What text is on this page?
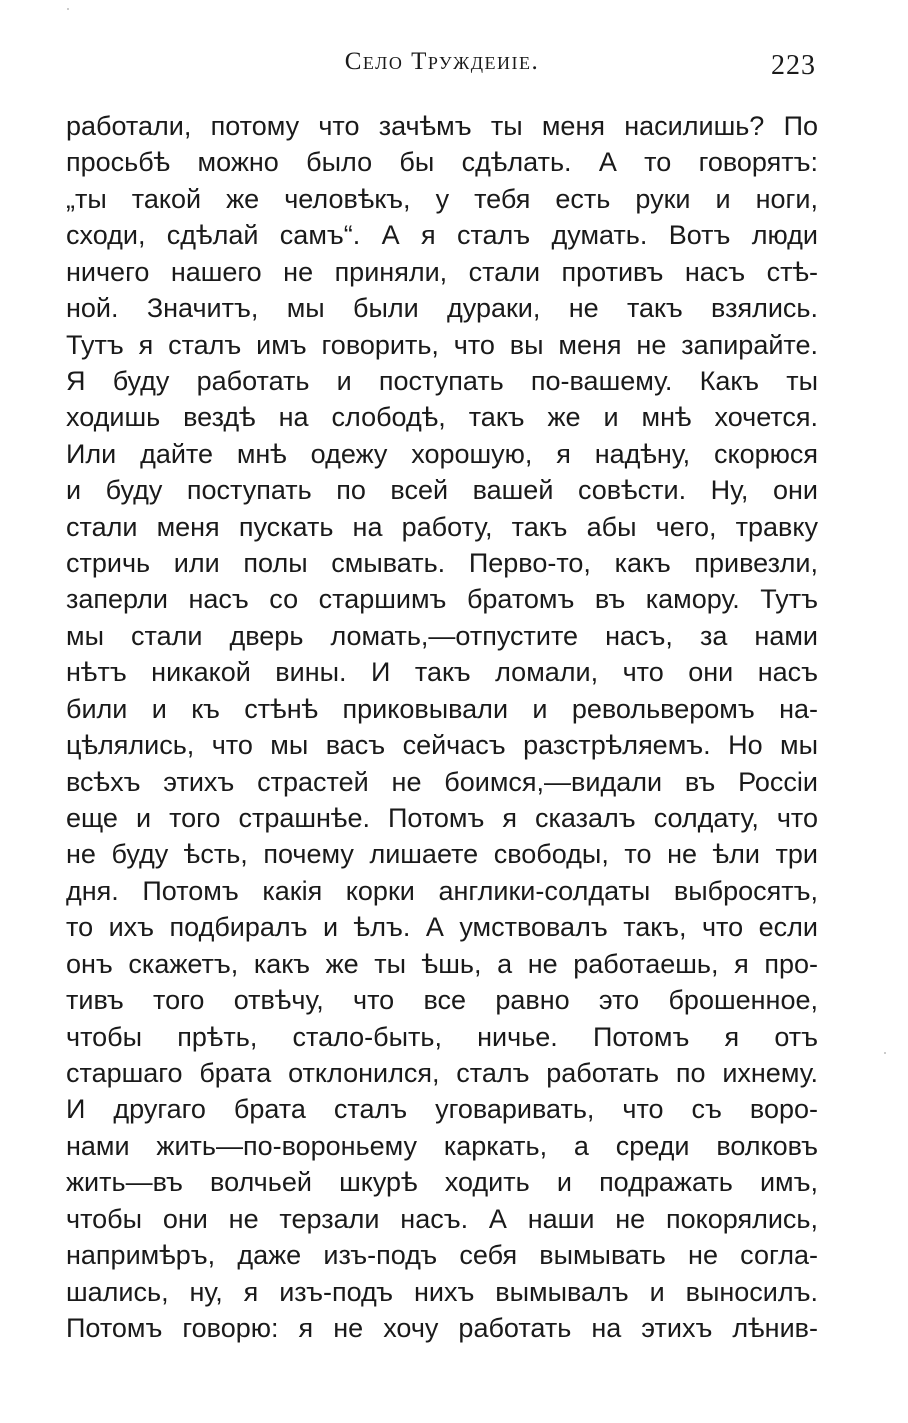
Село Труждеиіе.	223
работали, потому что зачѣмъ ты меня насилишь? По
просьбѣ можно было бы сдѣлать. А то говорятъ:
„ты такой же человѣкъ, у тебя есть руки и ноги,
сходи, сдѣлай самъ“. А я сталъ думать. Вотъ люди
ничего нашего не приняли, стали противъ насъ стѣ-
ной. Значитъ, мы были дураки, не такъ взялись.
Тутъ я сталъ имъ говорить, что вы меня не запирайте.
Я буду работать и поступать по-вашему. Какъ ты
ходишь вездѣ на слободѣ, такъ же и мнѣ хочется.
Или дайте мнѣ одежу хорошую, я надѣну, скорюся
и буду поступать по всей вашей совѣсти. Ну, они
стали меня пускать на работу, такъ абы чего, травку
стричь или полы смывать. Перво-то, какъ привезли,
заперли насъ со старшимъ братомъ въ камору. Тутъ
мы стали дверь ломать,—отпустите насъ, за нами
нѣтъ никакой вины. И такъ ломали, что они насъ
били и къ стѣнѣ приковывали и револьверомъ на-
цѣлялись, что мы васъ сейчасъ разстрѣляемъ. Но мы
всѣхъ этихъ страстей не боимся,—видали въ Россіи
еще и того страшнѣе. Потомъ я сказалъ солдату, что
не буду ѣсть, почему лишаете свободы, то не ѣли три
дня. Потомъ какія корки англики-солдаты выбросятъ,
то ихъ подбиралъ и ѣлъ. А умствовалъ такъ, что если
онъ скажетъ, какъ же ты ѣшь, а не работаешь, я про-
тивъ того отвѣчу, что все равно это брошенное,
чтобы прѣть, стало-быть, ничье. Потомъ я отъ
старшаго брата отклонился, сталъ работать по ихнему.
И другаго брата сталъ уговаривать, что съ воро-
нами жить—по-вороньему каркать, а среди волковъ
жить—въ волчьей шкурѣ ходить и подражать имъ,
чтобы они не терзали насъ. А наши не покорялись,
напримѣръ, даже изъ-подъ себя вымывать не согла-
шались, ну, я изъ-подъ нихъ вымывалъ и выносилъ.
Потомъ говорю: я не хочу работать на этихъ лѣнив-
